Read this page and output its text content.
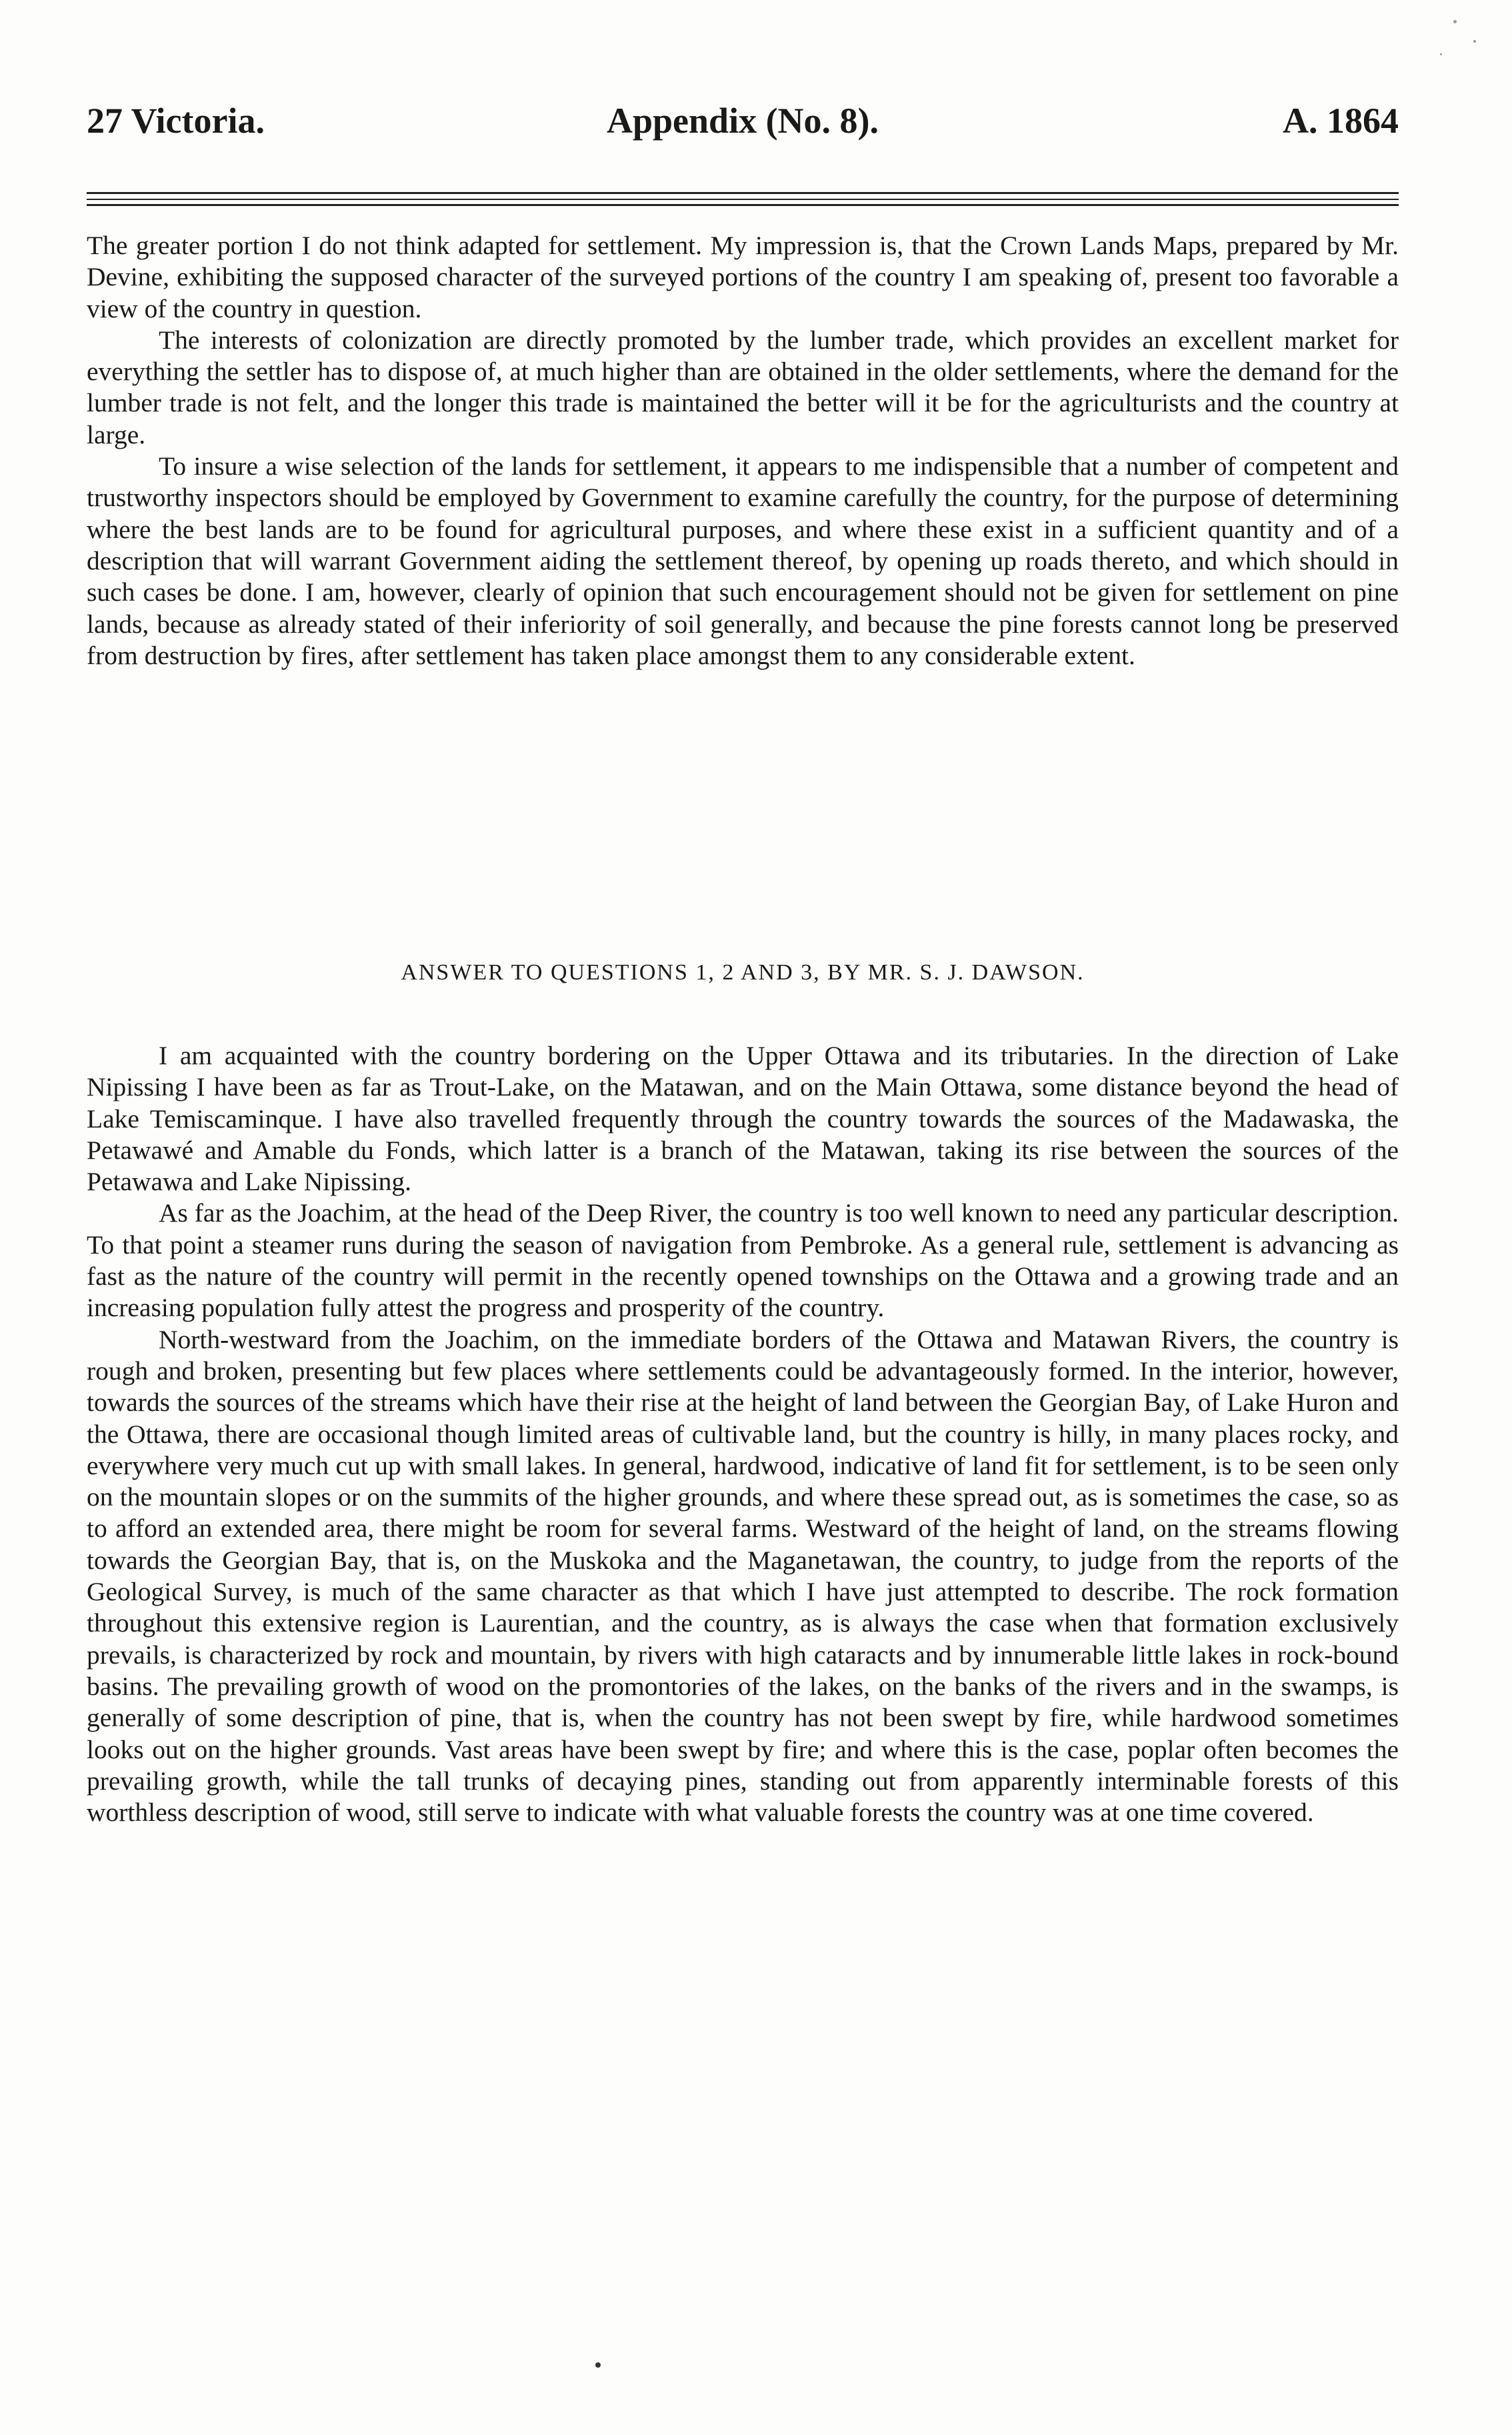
27 Victoria.	Appendix (No. 8).	A. 1864

The greater portion I do not think adapted for settlement. My impression is, that the Crown Lands Maps, prepared by Mr. Devine, exhibiting the supposed character of the surveyed portions of the country I am speaking of, present too favorable a view of the country in question.

The interests of colonization are directly promoted by the lumber trade, which provides an excellent market for everything the settler has to dispose of, at much higher than are obtained in the older settlements, where the demand for the lumber trade is not felt, and the longer this trade is maintained the better will it be for the agriculturists and the country at large.

To insure a wise selection of the lands for settlement, it appears to me indispensible that a number of competent and trustworthy inspectors should be employed by Government to examine carefully the country, for the purpose of determining where the best lands are to be found for agricultural purposes, and where these exist in a sufficient quantity and of a description that will warrant Government aiding the settlement thereof, by opening up roads thereto, and which should in such cases be done. I am, however, clearly of opinion that such encouragement should not be given for settlement on pine lands, because as already stated of their inferiority of soil generally, and because the pine forests cannot long be preserved from destruction by fires, after settlement has taken place amongst them to any considerable extent.

ANSWER TO QUESTIONS 1, 2 AND 3, BY MR. S. J. DAWSON.

I am acquainted with the country bordering on the Upper Ottawa and its tributaries. In the direction of Lake Nipissing I have been as far as Trout-Lake, on the Matawan, and on the Main Ottawa, some distance beyond the head of Lake Temiscaminque. I have also travelled frequently through the country towards the sources of the Madawaska, the Petawawé and Amable du Fonds, which latter is a branch of the Matawan, taking its rise between the sources of the Petawawa and Lake Nipissing.

As far as the Joachim, at the head of the Deep River, the country is too well known to need any particular description. To that point a steamer runs during the season of navigation from Pembroke. As a general rule, settlement is advancing as fast as the nature of the country will permit in the recently opened townships on the Ottawa and a growing trade and an increasing population fully attest the progress and prosperity of the country.

North-westward from the Joachim, on the immediate borders of the Ottawa and Matawan Rivers, the country is rough and broken, presenting but few places where settlements could be advantageously formed. In the interior, however, towards the sources of the streams which have their rise at the height of land between the Georgian Bay, of Lake Huron and the Ottawa, there are occasional though limited areas of cultivable land, but the country is hilly, in many places rocky, and everywhere very much cut up with small lakes. In general, hardwood, indicative of land fit for settlement, is to be seen only on the mountain slopes or on the summits of the higher grounds, and where these spread out, as is sometimes the case, so as to afford an extended area, there might be room for several farms. Westward of the height of land, on the streams flowing towards the Georgian Bay, that is, on the Muskoka and the Maganetawan, the country, to judge from the reports of the Geological Survey, is much of the same character as that which I have just attempted to describe. The rock formation throughout this extensive region is Laurentian, and the country, as is always the case when that formation exclusively prevails, is characterized by rock and mountain, by rivers with high cataracts and by innumerable little lakes in rock-bound basins. The prevailing growth of wood on the promontories of the lakes, on the banks of the rivers and in the swamps, is generally of some description of pine, that is, when the country has not been swept by fire, while hardwood sometimes looks out on the higher grounds. Vast areas have been swept by fire; and where this is the case, poplar often becomes the prevailing growth, while the tall trunks of decaying pines, standing out from apparently interminable forests of this worthless description of wood, still serve to indicate with what valuable forests the country was at one time covered.
